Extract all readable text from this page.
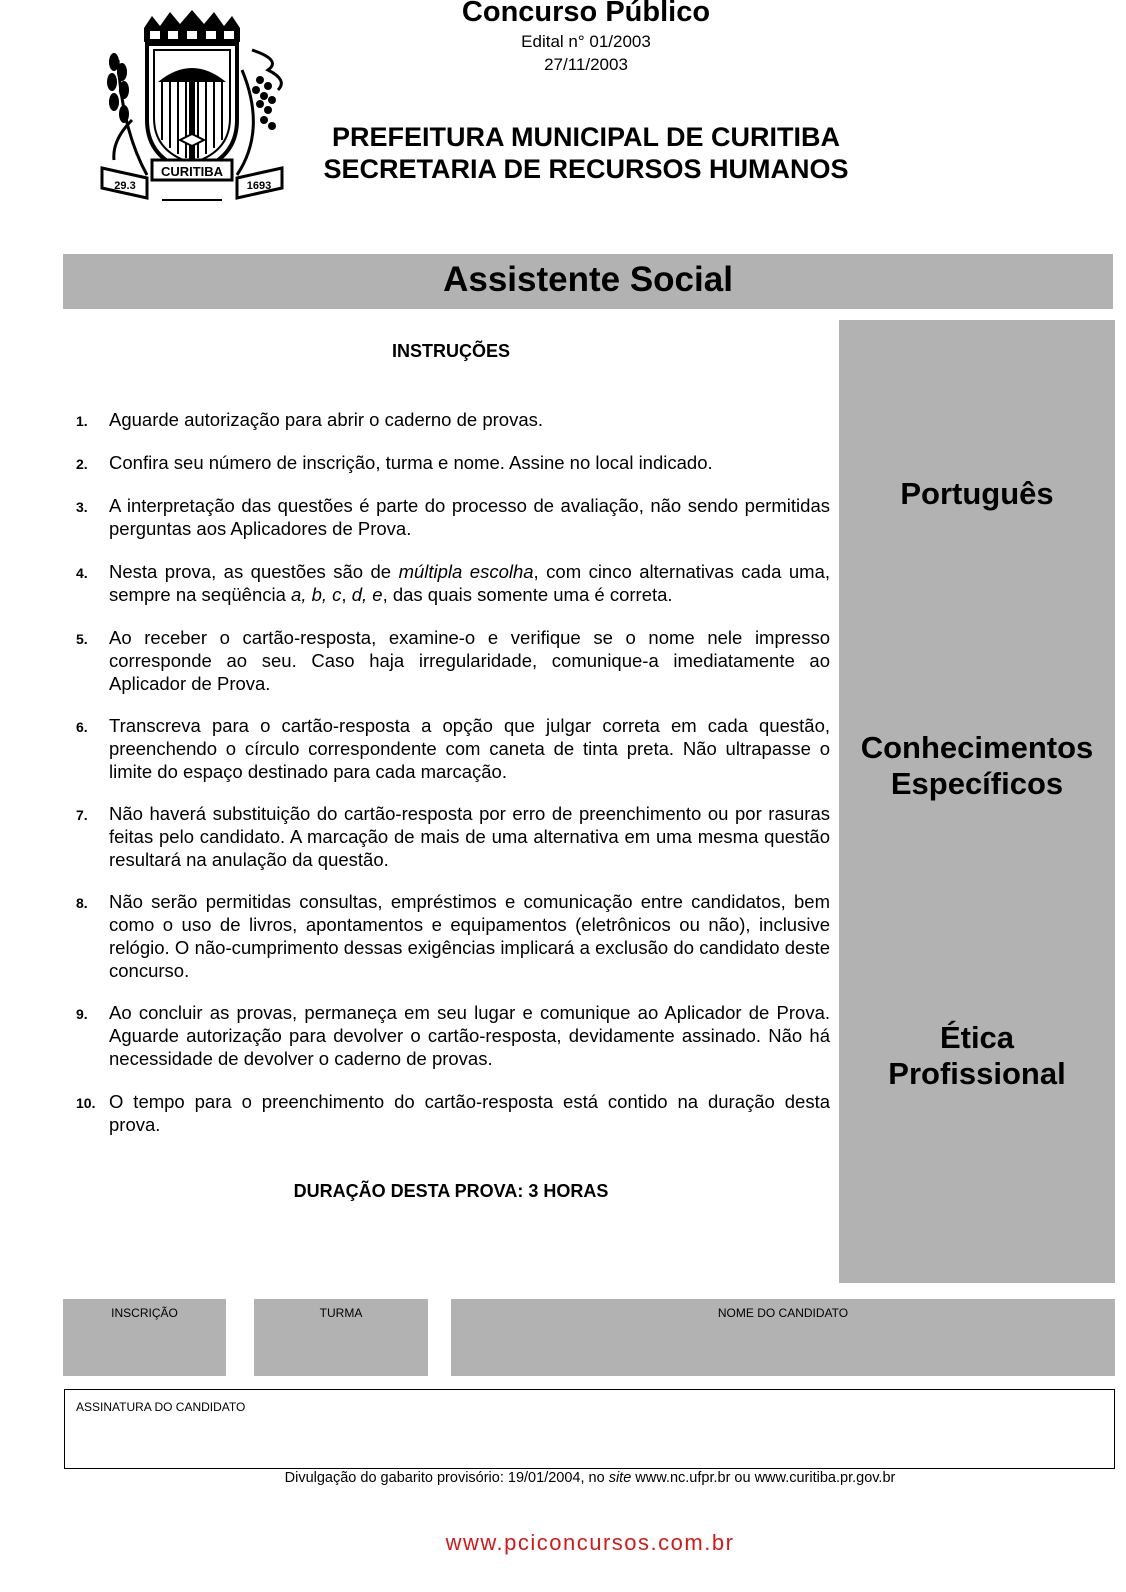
CURITIBA
29.3	1693
Concurso Público
Edital n° 01/2003
27/11/2003
PREFEITURA MUNICIPAL DE CURITIBA
SECRETARIA DE RECURSOS HUMANOS
Assistente Social
INSTRUÇÕES
1. Aguarde autorização para abrir o caderno de provas.
2. Confira seu número de inscrição, turma e nome. Assine no local indicado.
3. A interpretação das questões é parte do processo de avaliação, não sendo permitidas perguntas aos Aplicadores de Prova.
4. Nesta prova, as questões são de múltipla escolha, com cinco alternativas cada uma, sempre na seqüência a, b, c, d, e, das quais somente uma é correta.
5. Ao receber o cartão-resposta, examine-o e verifique se o nome nele impresso corresponde ao seu. Caso haja irregularidade, comunique-a imediatamente ao Aplicador de Prova.
6. Transcreva para o cartão-resposta a opção que julgar correta em cada questão, preenchendo o círculo correspondente com caneta de tinta preta. Não ultrapasse o limite do espaço destinado para cada marcação.
7. Não haverá substituição do cartão-resposta por erro de preenchimento ou por rasuras feitas pelo candidato. A marcação de mais de uma alternativa em uma mesma questão resultará na anulação da questão.
8. Não serão permitidas consultas, empréstimos e comunicação entre candidatos, bem como o uso de livros, apontamentos e equipamentos (eletrônicos ou não), inclusive relógio. O não-cumprimento dessas exigências implicará a exclusão do candidato deste concurso.
9. Ao concluir as provas, permaneça em seu lugar e comunique ao Aplicador de Prova. Aguarde autorização para devolver o cartão-resposta, devidamente assinado. Não há necessidade de devolver o caderno de provas.
10. O tempo para o preenchimento do cartão-resposta está contido na duração desta prova.
DURAÇÃO DESTA PROVA: 3 HORAS
Português
Conhecimentos
Específicos
Ética
Profissional
INSCRIÇÃO	TURMA	NOME DO CANDIDATO
ASSINATURA DO CANDIDATO
Divulgação do gabarito provisório: 19/01/2004, no site www.nc.ufpr.br ou www.curitiba.pr.gov.br
www.pciconcursos.com.br
